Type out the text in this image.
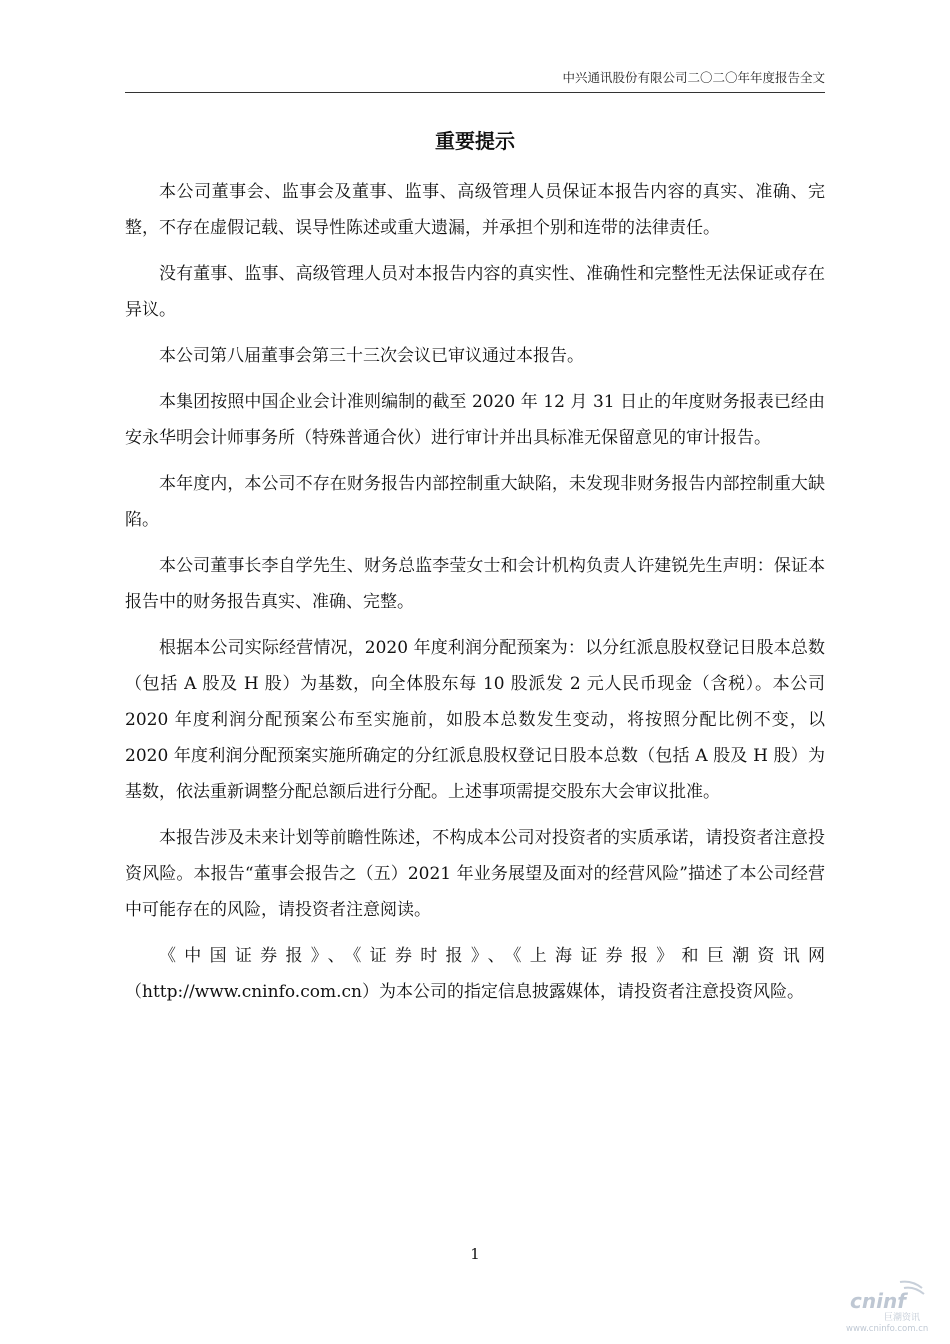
中兴通讯股份有限公司二〇二〇年年度报告全文
重要提示

本公司董事会、监事会及董事、监事、高级管理人员保证本报告内容的真实、准确、完整，不存在虚假记载、误导性陈述或重大遗漏，并承担个别和连带的法律责任。

没有董事、监事、高级管理人员对本报告内容的真实性、准确性和完整性无法保证或存在异议。

本公司第八届董事会第三十三次会议已审议通过本报告。

本集团按照中国企业会计准则编制的截至 2020 年 12 月 31 日止的年度财务报表已经由安永华明会计师事务所（特殊普通合伙）进行审计并出具标准无保留意见的审计报告。

本年度内，本公司不存在财务报告内部控制重大缺陷，未发现非财务报告内部控制重大缺陷。

本公司董事长李自学先生、财务总监李莹女士和会计机构负责人许建锐先生声明：保证本报告中的财务报告真实、准确、完整。

根据本公司实际经营情况，2020 年度利润分配预案为：以分红派息股权登记日股本总数（包括 A 股及 H 股）为基数，向全体股东每 10 股派发 2 元人民币现金（含税）。本公司 2020 年度利润分配预案公布至实施前，如股本总数发生变动，将按照分配比例不变，以 2020 年度利润分配预案实施所确定的分红派息股权登记日股本总数（包括 A 股及 H 股）为基数，依法重新调整分配总额后进行分配。上述事项需提交股东大会审议批准。

本报告涉及未来计划等前瞻性陈述，不构成本公司对投资者的实质承诺，请投资者注意投资风险。本报告“董事会报告之（五）2021 年业务展望及面对的经营风险”描述了本公司经营中可能存在的风险，请投资者注意阅读。

《中国证券报》、《证券时报》、《上海证券报》和巨潮资讯网（http://www.cninfo.com.cn）为本公司的指定信息披露媒体，请投资者注意投资风险。

1
cninf
巨潮资讯
www.cninfo.com.cn
